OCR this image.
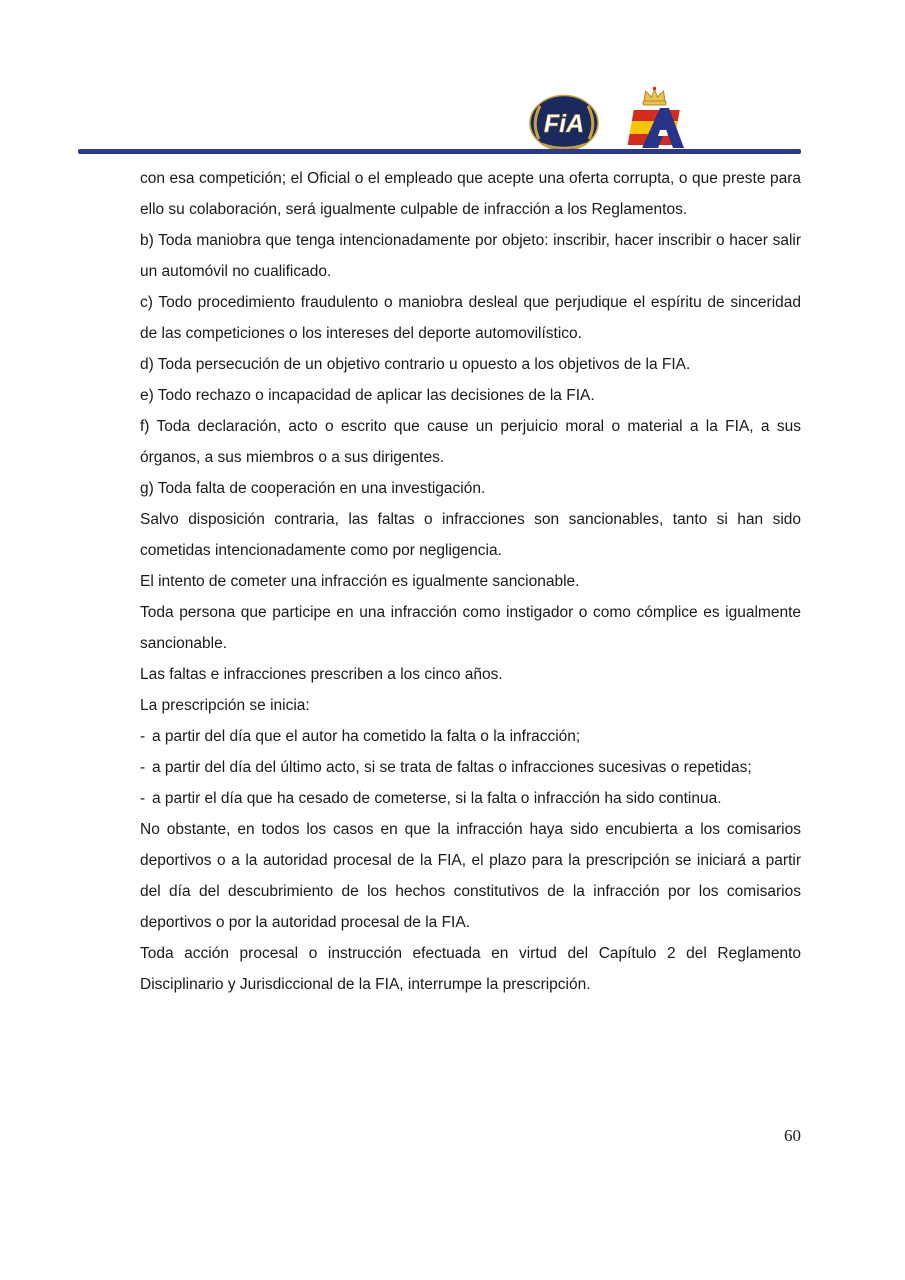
FiA

con esa competición; el Oficial o el empleado que acepte una oferta corrupta, o que preste para ello su colaboración, será igualmente culpable de infracción a los Reglamentos.

b) Toda maniobra que tenga intencionadamente por objeto: inscribir, hacer inscribir o hacer salir un automóvil no cualificado.

c) Todo procedimiento fraudulento o maniobra desleal que perjudique el espíritu de sinceridad de las competiciones o los intereses del deporte automovilístico.

d) Toda persecución de un objetivo contrario u opuesto a los objetivos de la FIA.

e) Todo rechazo o incapacidad de aplicar las decisiones de la FIA.

f) Toda declaración, acto o escrito que cause un perjuicio moral o material a la FIA, a sus órganos, a sus miembros o a sus dirigentes.

g) Toda falta de cooperación en una investigación.

Salvo disposición contraria, las faltas o infracciones son sancionables, tanto si han sido cometidas intencionadamente como por negligencia.

El intento de cometer una infracción es igualmente sancionable.

Toda persona que participe en una infracción como instigador o como cómplice es igualmente sancionable.

Las faltas e infracciones prescriben a los cinco años.

La prescripción se inicia:

- a partir del día que el autor ha cometido la falta o la infracción;

- a partir del día del último acto, si se trata de faltas o infracciones sucesivas o repetidas;

- a partir el día que ha cesado de cometerse, si la falta o infracción ha sido continua.

No obstante, en todos los casos en que la infracción haya sido encubierta a los comisarios deportivos o a la autoridad procesal de la FIA, el plazo para la prescripción se iniciará a partir del día del descubrimiento de los hechos constitutivos de la infracción por los comisarios deportivos o por la autoridad procesal de la FIA.

Toda acción procesal o instrucción efectuada en virtud del Capítulo 2 del Reglamento Disciplinario y Jurisdiccional de la FIA, interrumpe la prescripción.

60
